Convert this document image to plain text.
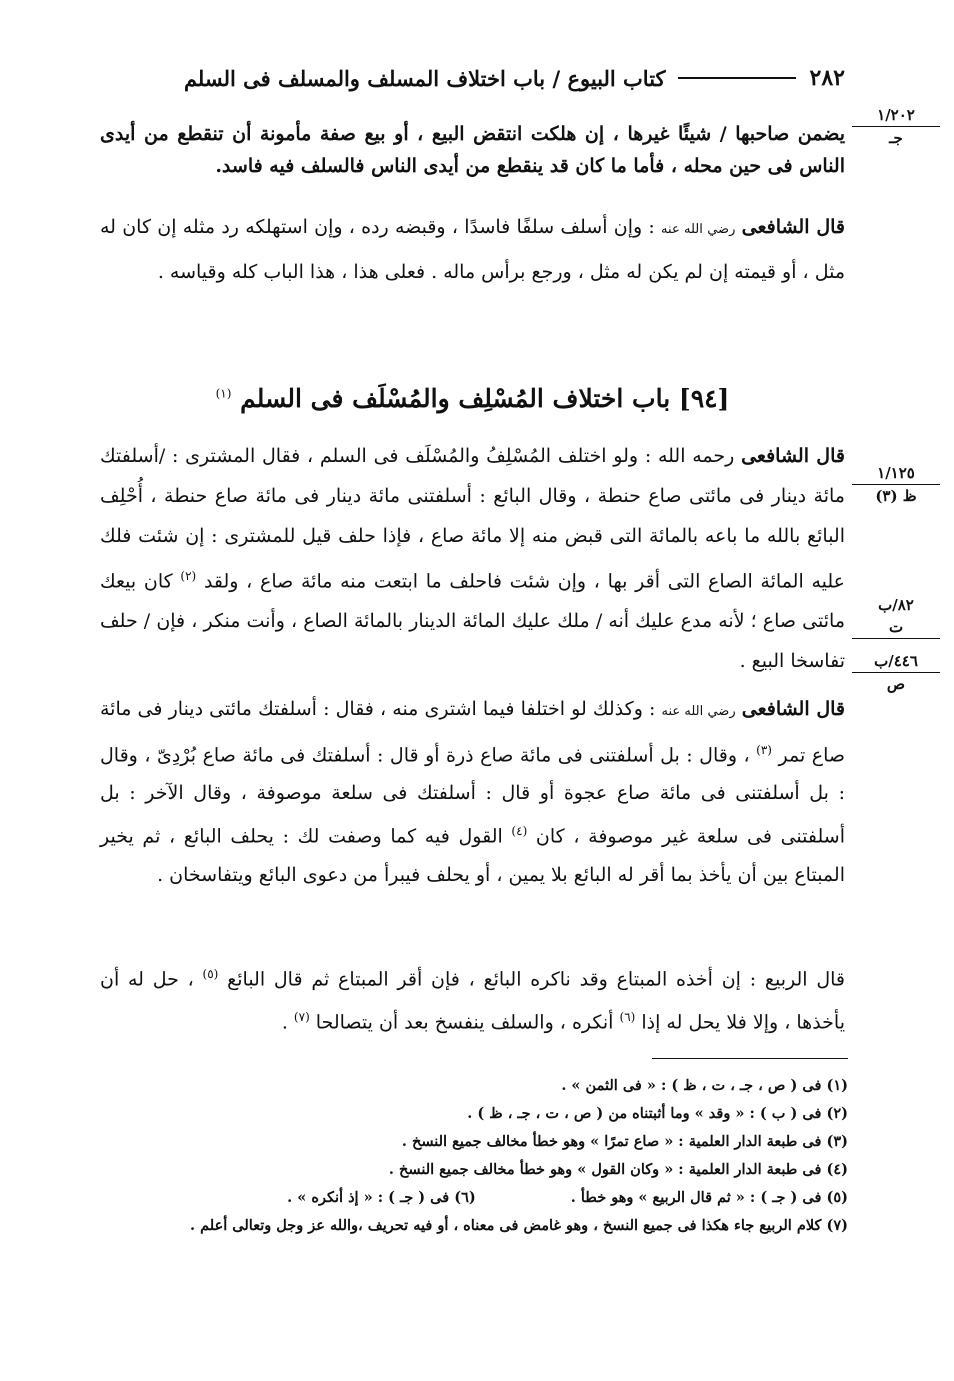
٢٨٢
كتاب البيوع / باب اختلاف المسلف والمسلف فى السلم
١/٢٠٢
جـ
١/١٢٥
ظ (٣)
٨٢/ب
ت
٤٤٦/ب
ص
يضمن صاحبها / شيئًا غيرها ، إن هلكت انتقض البيع ، أو بيع صفة مأمونة أن تنقطع من أيدى الناس فى حين محله ، فأما ما كان قد ينقطع من أيدى الناس فالسلف فيه فاسد.
قال الشافعى رضي الله عنه : وإن أسلف سلفًا فاسدًا ، وقبضه رده ، وإن استهلكه رد مثله إن كان له مثل ، أو قيمته إن لم يكن له مثل ، ورجع برأس ماله . فعلى هذا ، هذا الباب كله وقياسه .
[٩٤] باب اختلاف المُسْلِف والمُسْلَف فى السلم $^{(١)}$
قال الشافعى رحمه الله : ولو اختلف المُسْلِفُ والمُسْلَف فى السلم ، فقال المشترى : /أسلفتك مائة دينار فى مائتى صاع حنطة ، وقال البائع : أسلفتنى مائة دينار فى مائة صاع حنطة ، أُحْلِف البائع بالله ما باعه بالمائة التى قبض منه إلا مائة صاع ، فإذا حلف قيل للمشترى : إن شئت فلك عليه المائة الصاع التى أقر بها ، وإن شئت فاحلف ما ابتعت منه مائة صاع ، ولقد $^{(٢)}$ كان بيعك مائتى صاع ؛ لأنه مدع عليك أنه / ملك عليك المائة الدينار بالمائة الصاع ، وأنت منكر ، فإن / حلف تفاسخا البيع .
قال الشافعى رضي الله عنه : وكذلك لو اختلفا فيما اشترى منه ، فقال : أسلفتك مائتى دينار فى مائة صاع تمر $^{(٣)}$ ، وقال : بل أسلفتنى فى مائة صاع ذرة أو قال : أسلفتك فى مائة صاع بُرْدِىّ ، وقال : بل أسلفتنى فى مائة صاع عجوة أو قال : أسلفتك فى سلعة موصوفة ، وقال الآخر : بل أسلفتنى فى سلعة غير موصوفة ، كان $^{(٤)}$ القول فيه كما وصفت لك : يحلف البائع ، ثم يخير المبتاع بين أن يأخذ بما أقر له البائع بلا يمين ، أو يحلف فيبرأ من دعوى البائع ويتفاسخان .
قال الربيع : إن أخذه المبتاع وقد ناكره البائع ، فإن أقر المبتاع ثم قال البائع $^{(٥)}$ ، حل له أن يأخذها ، وإلا فلا يحل له إذا $^{(٦)}$ أنكره ، والسلف ينفسخ بعد أن يتصالحا $^{(٧)}$ .
(١) فى ( ص ، جـ ، ت ، ظ ) : « فى الثمن » .
(٢) فى ( ب ) : « وقد » وما أثبتناه من ( ص ، ت ، جـ ، ظ ) .
(٣) فى طبعة الدار العلمية : « صاع تمرًا » وهو خطأ مخالف جميع النسخ .
(٤) فى طبعة الدار العلمية : « وكان القول » وهو خطأ مخالف جميع النسخ .
(٥) فى ( جـ ) : « ثم قال الربيع » وهو خطأ .
(٦) فى ( جـ ) : « إذ أنكره » .
(٧) كلام الربيع جاء هكذا فى جميع النسخ ، وهو غامض فى معناه ، أو فيه تحريف ،والله عز وجل وتعالى أعلم .
